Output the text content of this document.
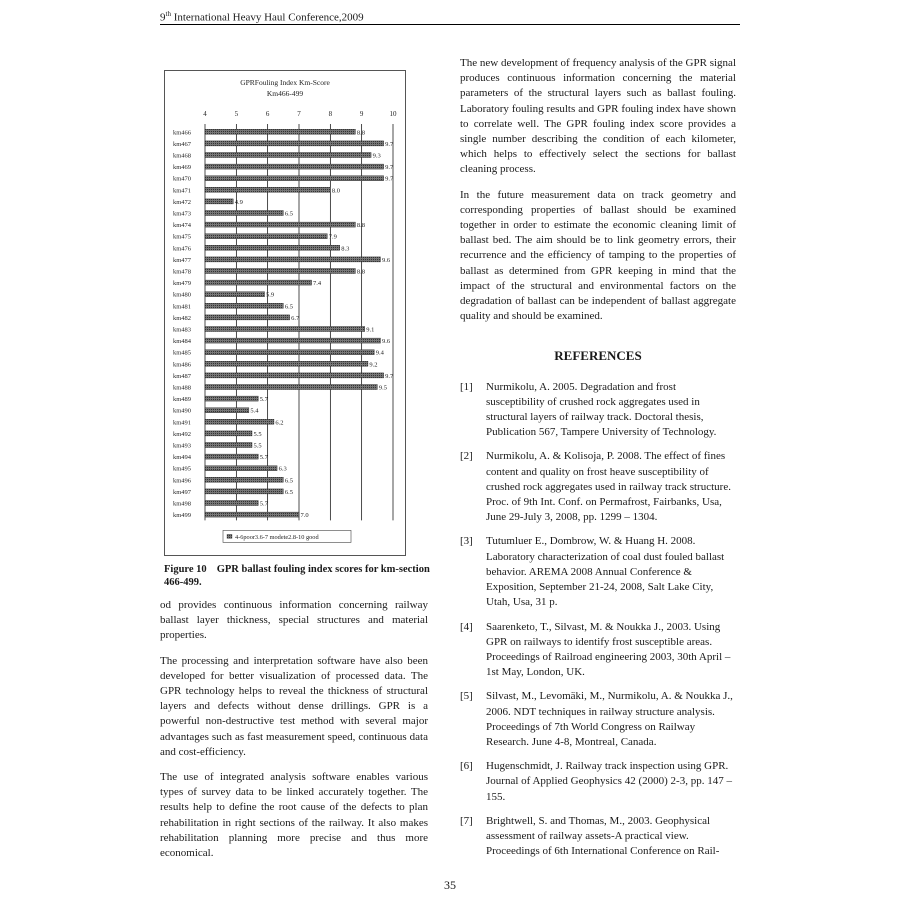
9th International Heavy Haul Conference,2009
GPRFouling Index Km-Score
Km466-499
4	5	6	7	8	9	10
km466	8.8
km467	9.7
km468	9.3
km469	9.7
km470	9.7
km471	8.0
km472	4.9
km473	6.5
km474	8.8
km475	7.9
km476	8.3
km477	9.6
km478	8.8
km479	7.4
km480	5.9
km481	6.5
km482	6.7
km483	9.1
km484	9.6
km485	9.4
km486	9.2
km487	9.7
km488	9.5
km489	5.7
km490	5.4
km491	6.2
km492	5.5
km493	5.5
km494	5.7
km495	6.3
km496	6.5
km497	6.5
km498	5.7
km499	7.0
4-6poor3.6-7 modete2.8-10 good
Figure 10 GPR ballast fouling index scores for km-section 466-499.

od provides continuous information concerning railway ballast layer thickness, special structures and material properties.

The processing and interpretation software have also been developed for better visualization of processed data. The GPR technology helps to reveal the thickness of structural layers and defects without dense drillings. GPR is a powerful non-destructive test method with several major advantages such as fast measurement speed, continuous data and cost-efficiency.

The use of integrated analysis software enables various types of survey data to be linked accurately together. The results help to define the root cause of the defects to plan rehabilitation in right sections of the railway. It also makes rehabilitation planning more precise and thus more economical.

The new development of frequency analysis of the GPR signal produces continuous information concerning the material parameters of the structural layers such as ballast fouling. Laboratory fouling results and GPR fouling index have shown to correlate well. The GPR fouling index score provides a single number describing the condition of each kilometer, which helps to effectively select the sections for ballast cleaning process.

In the future measurement data on track geometry and corresponding properties of ballast should be examined together in order to estimate the economic cleaning limit of ballast bed. The aim should be to link geometry errors, their recurrence and the efficiency of tamping to the properties of ballast as determined from GPR keeping in mind that the impact of the structural and environmental factors on the degradation of ballast can be independent of ballast aggregate quality and should be examined.

REFERENCES
[1]	Nurmikolu, A. 2005. Degradation and frost susceptibility of crushed rock aggregates used in structural layers of railway track. Doctoral thesis, Publication 567, Tampere University of Technology.
[2]	Nurmikolu, A. & Kolisoja, P. 2008. The effect of fines content and quality on frost heave susceptibility of crushed rock aggregates used in railway track structure. Proc. of 9th Int. Conf. on Permafrost, Fairbanks, Usa, June 29-July 3, 2008, pp. 1299 – 1304.
[3]	Tutumluer E., Dombrow, W. & Huang H. 2008. Laboratory characterization of coal dust fouled ballast behavior. AREMA 2008 Annual Conference & Exposition, September 21-24, 2008, Salt Lake City, Utah, Usa, 31 p.
[4]	Saarenketo, T., Silvast, M. & Noukka J., 2003. Using GPR on railways to identify frost susceptible areas. Proceedings of Railroad engineering 2003, 30th April – 1st May, London, UK.
[5]	Silvast, M., Levomäki, M., Nurmikolu, A. & Noukka J., 2006. NDT techniques in railway structure analysis. Proceedings of 7th World Congress on Railway Research. June 4-8, Montreal, Canada.
[6]	Hugenschmidt, J. Railway track inspection using GPR. Journal of Applied Geophysics 42 (2000) 2-3, pp. 147 – 155.
[7]	Brightwell, S. and Thomas, M., 2003. Geophysical assessment of railway assets-A practical view. Proceedings of 6th International Conference on Rail-
35
